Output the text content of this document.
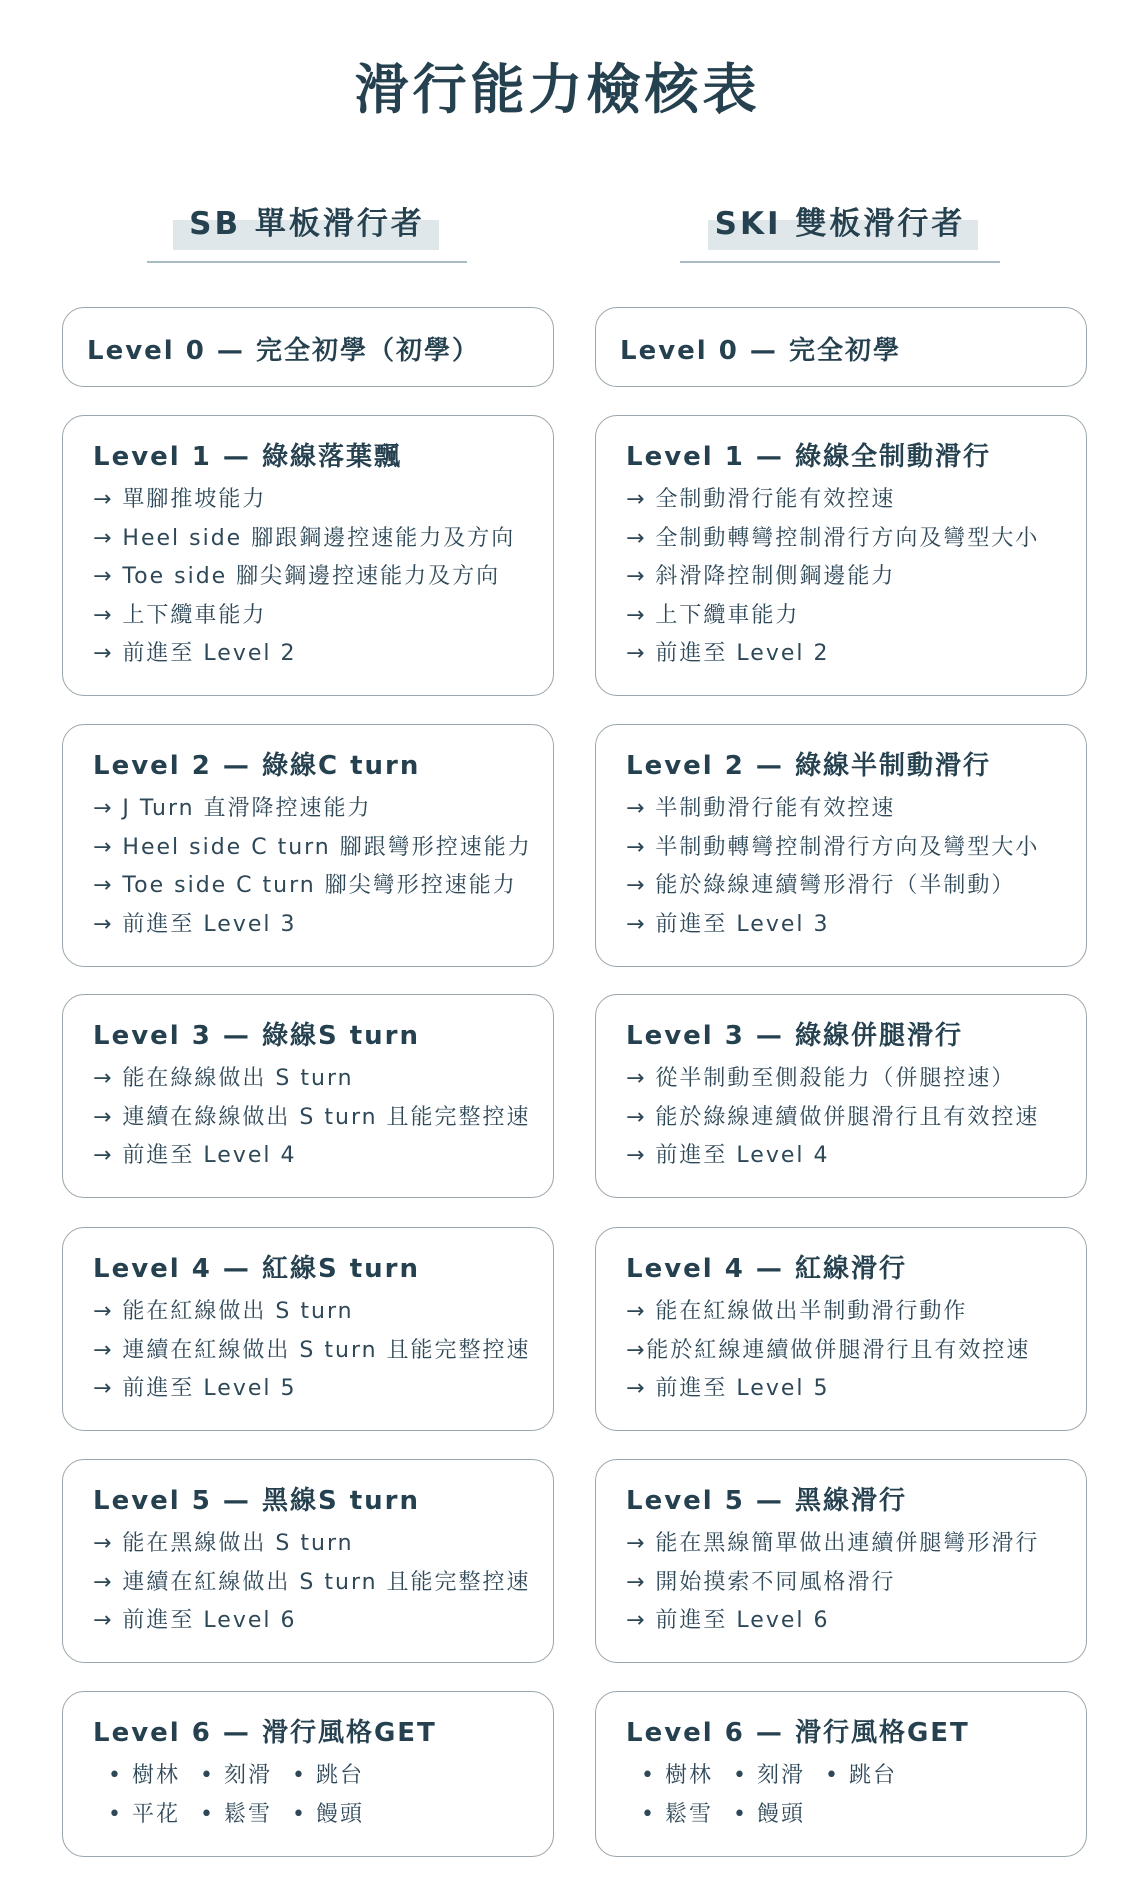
滑行能力檢核表
SB 單板滑行者	SKI 雙板滑行者
Level 0 — 完全初學（初學）
Level 1 — 綠線落葉飄
→ 單腳推坡能力
→ Heel side 腳跟鋼邊控速能力及方向
→ Toe side 腳尖鋼邊控速能力及方向
→ 上下纜車能力
→ 前進至 Level 2
Level 2 — 綠線C turn
→ J Turn 直滑降控速能力
→ Heel side C turn 腳跟彎形控速能力
→ Toe side C turn 腳尖彎形控速能力
→ 前進至 Level 3
Level 3 — 綠線S turn
→ 能在綠線做出 S turn
→ 連續在綠線做出 S turn 且能完整控速
→ 前進至 Level 4
Level 4 — 紅線S turn
→ 能在紅線做出 S turn
→ 連續在紅線做出 S turn 且能完整控速
→ 前進至 Level 5
Level 5 — 黑線S turn
→ 能在黑線做出 S turn
→ 連續在紅線做出 S turn 且能完整控速
→ 前進至 Level 6
Level 6 — 滑行風格GET
• 樹林 • 刻滑 • 跳台
• 平花 • 鬆雪 • 饅頭
Level 0 — 完全初學
Level 1 — 綠線全制動滑行
→ 全制動滑行能有效控速
→ 全制動轉彎控制滑行方向及彎型大小
→ 斜滑降控制側鋼邊能力
→ 上下纜車能力
→ 前進至 Level 2
Level 2 — 綠線半制動滑行
→ 半制動滑行能有效控速
→ 半制動轉彎控制滑行方向及彎型大小
→ 能於綠線連續彎形滑行（半制動）
→ 前進至 Level 3
Level 3 — 綠線併腿滑行
→ 從半制動至側殺能力（併腿控速）
→ 能於綠線連續做併腿滑行且有效控速
→ 前進至 Level 4
Level 4 — 紅線滑行
→ 能在紅線做出半制動滑行動作
→能於紅線連續做併腿滑行且有效控速
→ 前進至 Level 5
Level 5 — 黑線滑行
→ 能在黑線簡單做出連續併腿彎形滑行
→ 開始摸索不同風格滑行
→ 前進至 Level 6
Level 6 — 滑行風格GET
• 樹林 • 刻滑 • 跳台
• 鬆雪 • 饅頭
